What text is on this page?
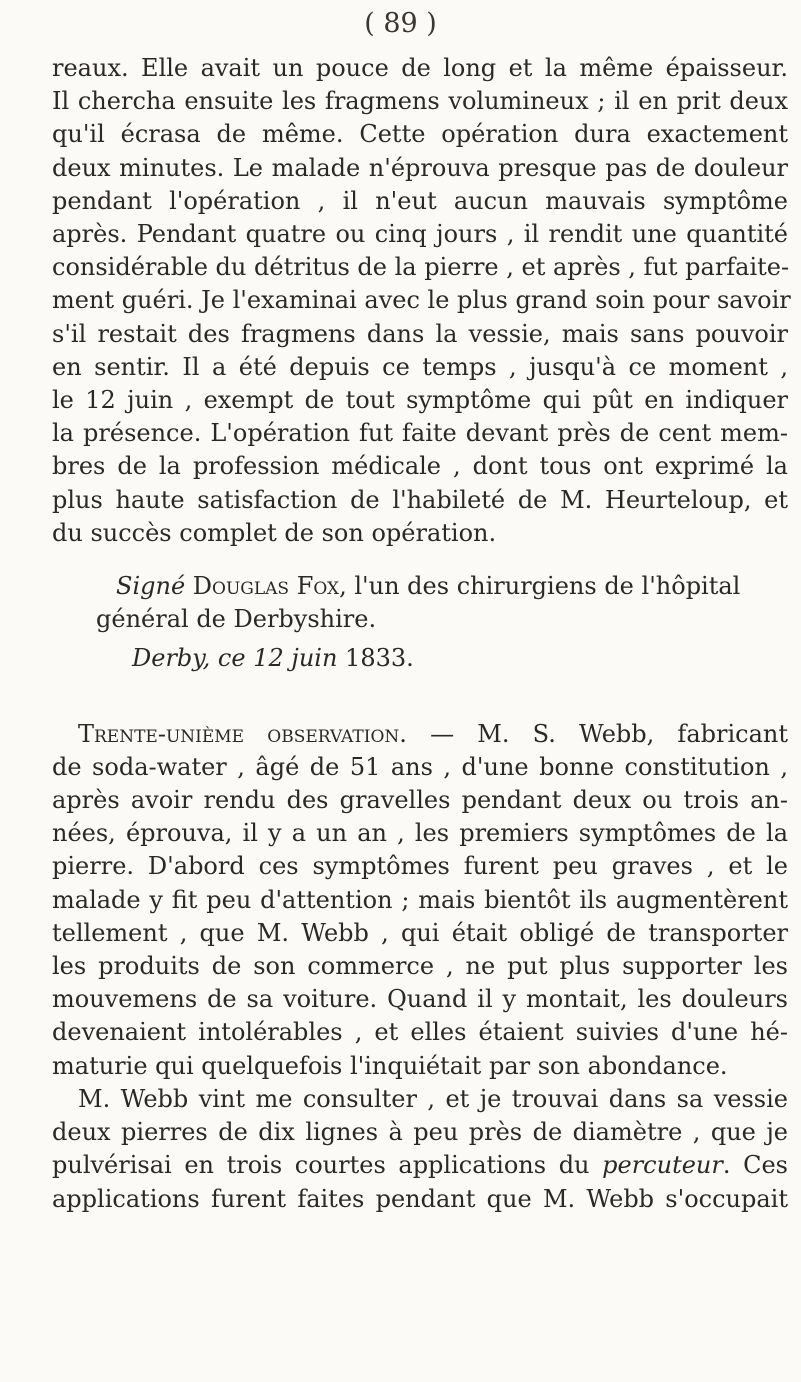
( 89 )
reaux. Elle avait un pouce de long et la même épaisseur.
Il chercha ensuite les fragmens volumineux ; il en prit deux
qu'il écrasa de même. Cette opération dura exactement
deux minutes. Le malade n'éprouva presque pas de douleur
pendant l'opération , il n'eut aucun mauvais symptôme
après. Pendant quatre ou cinq jours , il rendit une quantité
considérable du détritus de la pierre , et après , fut parfaite-
ment guéri. Je l'examinai avec le plus grand soin pour savoir
s'il restait des fragmens dans la vessie, mais sans pouvoir
en sentir. Il a été depuis ce temps , jusqu'à ce moment ,
le 12 juin , exempt de tout symptôme qui pût en indiquer
la présence. L'opération fut faite devant près de cent mem-
bres de la profession médicale , dont tous ont exprimé la
plus haute satisfaction de l'habileté de M. Heurteloup, et
du succès complet de son opération.
Signé Douglas Fox, l'un des chirurgiens de l'hôpital
général de Derbyshire.
Derby, ce 12 juin 1833.
Trente-unième observation. — M. S. Webb, fabricant
de soda-water , âgé de 51 ans , d'une bonne constitution ,
après avoir rendu des gravelles pendant deux ou trois an-
nées, éprouva, il y a un an , les premiers symptômes de la
pierre. D'abord ces symptômes furent peu graves , et le
malade y fit peu d'attention ; mais bientôt ils augmentèrent
tellement , que M. Webb , qui était obligé de transporter
les produits de son commerce , ne put plus supporter les
mouvemens de sa voiture. Quand il y montait, les douleurs
devenaient intolérables , et elles étaient suivies d'une hé-
maturie qui quelquefois l'inquiétait par son abondance.
M. Webb vint me consulter , et je trouvai dans sa vessie
deux pierres de dix lignes à peu près de diamètre , que je
pulvérisai en trois courtes applications du percuteur. Ces
applications furent faites pendant que M. Webb s'occupait
